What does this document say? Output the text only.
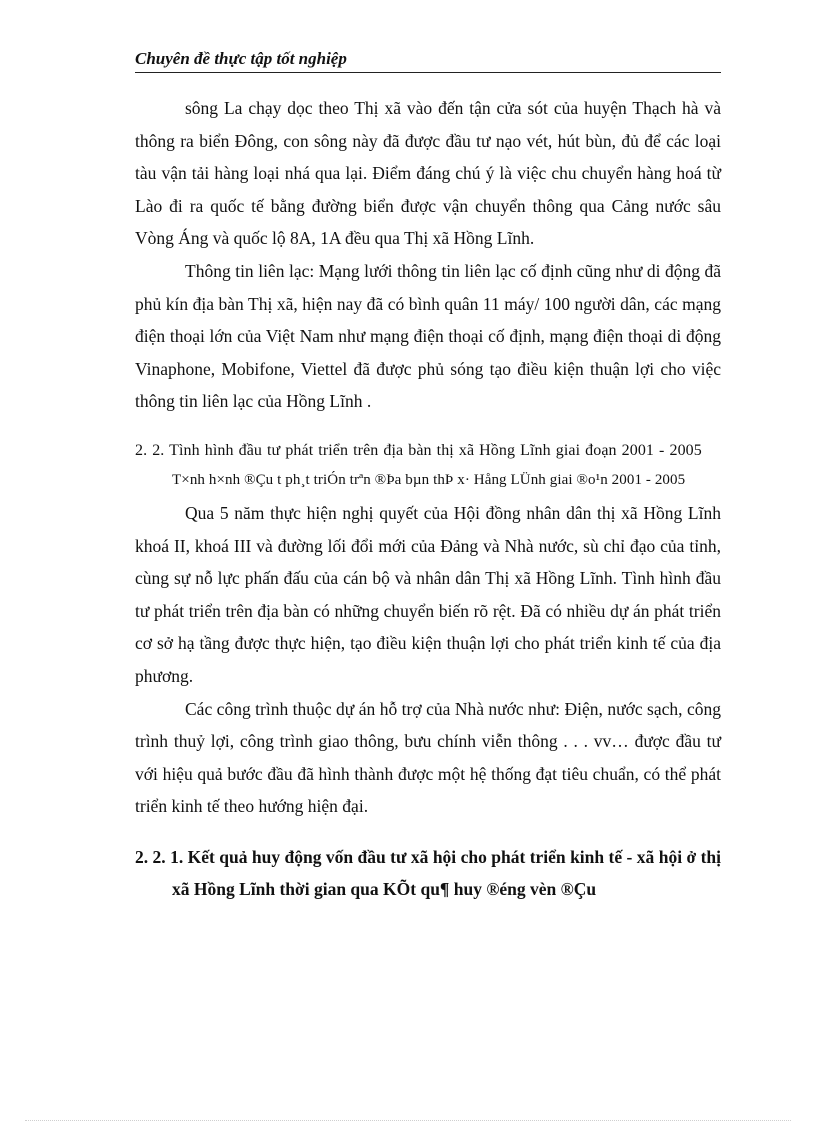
Chuyên đề thực tập tốt nghiệp

sông La chạy dọc theo Thị xã vào đến tận cửa sót của huyện Thạch hà và thông ra biển Đông, con sông này đã được đầu tư nạo vét, hút bùn, đủ để các loại tàu vận tải hàng loại nhá qua lại. Điểm đáng chú ý là việc chu chuyển hàng hoá từ Lào đi ra quốc tế bằng đường biển được vận chuyển thông qua Cảng nước sâu Vòng Áng và quốc lộ 8A, 1A đều qua Thị xã Hồng Lĩnh.

Thông tin liên lạc: Mạng lưới thông tin liên lạc cố định cũng như di động đã phủ kín địa bàn Thị xã, hiện nay đã có bình quân 11 máy/ 100 người dân, các mạng điện thoại lớn của Việt Nam như mạng điện thoại cố định, mạng điện thoại di động Vinaphone, Mobifone, Viettel đã được phủ sóng tạo điều kiện thuận lợi cho việc thông tin liên lạc của Hồng Lĩnh .

2. 2. Tình hình đầu tư phát triển trên địa bàn thị xã Hồng Lĩnh giai đoạn 2001 - 2005     T×nh h×nh ®Çu t ph¸t triÓn trªn ®Þa bµn thÞ x· Hång LÜnh giai ®o¹n 2001 - 2005

Qua 5 năm thực hiện nghị quyết của Hội đồng nhân dân thị xã Hồng Lĩnh khoá II, khoá III và đường lối đổi mới của Đảng và Nhà nước, sù chỉ đạo của tỉnh, cùng sự nỗ lực phấn đấu của cán bộ và nhân dân Thị xã Hồng Lĩnh. Tình hình đầu tư phát triển trên địa bàn có những chuyển biến rõ rệt. Đã có nhiều dự án phát triển cơ sở hạ tầng được thực hiện, tạo điều kiện thuận lợi cho phát triển kinh tế của địa phương.

Các công trình thuộc dự án hỗ trợ của Nhà nước như: Điện, nước sạch, công trình thuỷ lợi, công trình giao thông, bưu chính viễn thông . . . vv… được đầu tư với hiệu quả bước đầu đã hình thành được một hệ thống đạt tiêu chuẩn, có thể phát triển kinh tế theo hướng hiện đại.

2. 2. 1. Kết quả huy động vốn đầu tư xã hội cho phát triển kinh tế - xã hội ở thị xã Hồng Lĩnh thời gian qua KÕt qu¶ huy ®éng vèn ®Çu
